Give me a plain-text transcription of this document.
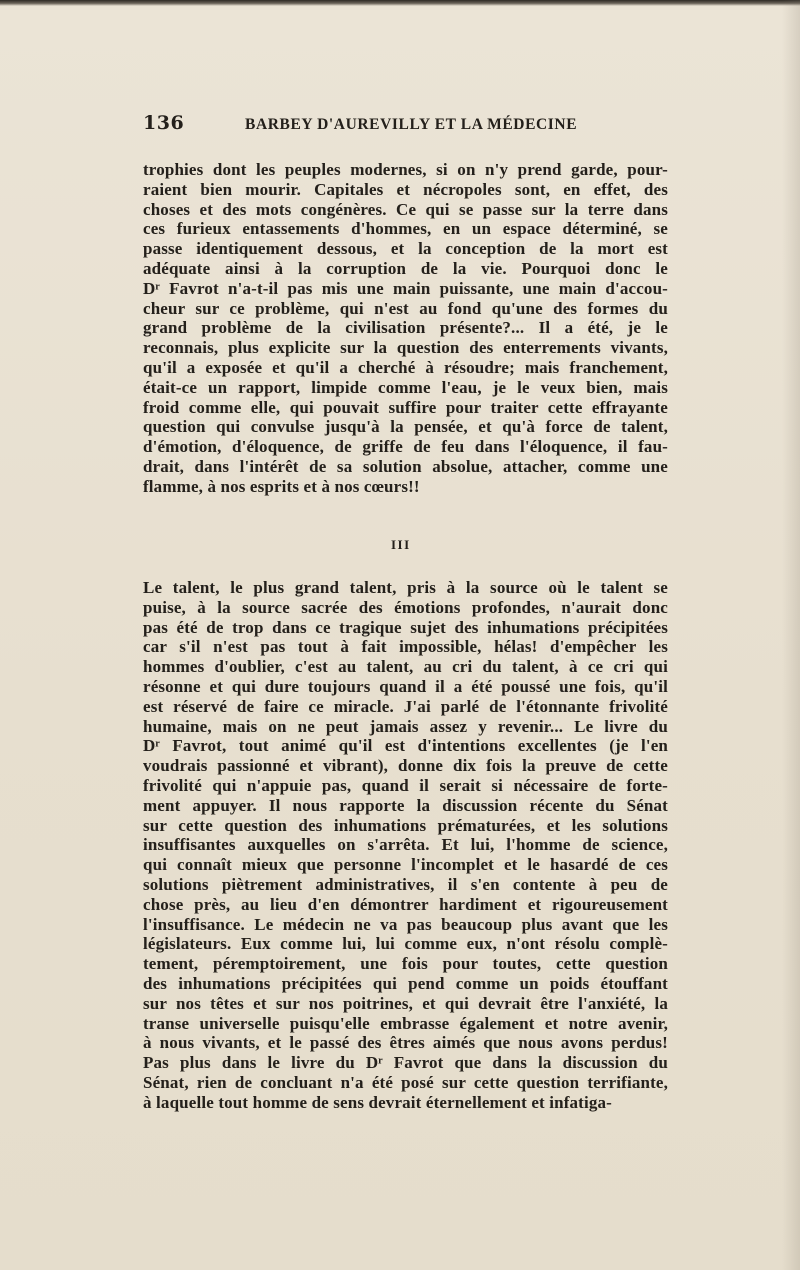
136	BARBEY D'AUREVILLY ET LA MÉDECINE
trophies dont les peuples modernes, si on n'y prend garde, pour-
raient bien mourir. Capitales et nécropoles sont, en effet, des
choses et des mots congénères. Ce qui se passe sur la terre dans
ces furieux entassements d'hommes, en un espace déterminé, se
passe identiquement dessous, et la conception de la mort est
adéquate ainsi à la corruption de la vie. Pourquoi donc le
Dʳ Favrot n'a-t-il pas mis une main puissante, une main d'accou-
cheur sur ce problème, qui n'est au fond qu'une des formes du
grand problème de la civilisation présente?... Il a été, je le
reconnais, plus explicite sur la question des enterrements vivants,
qu'il a exposée et qu'il a cherché à résoudre; mais franchement,
était-ce un rapport, limpide comme l'eau, je le veux bien, mais
froid comme elle, qui pouvait suffire pour traiter cette effrayante
question qui convulse jusqu'à la pensée, et qu'à force de talent,
d'émotion, d'éloquence, de griffe de feu dans l'éloquence, il fau-
drait, dans l'intérêt de sa solution absolue, attacher, comme une
flamme, à nos esprits et à nos cœurs!!
III
Le talent, le plus grand talent, pris à la source où le talent se
puise, à la source sacrée des émotions profondes, n'aurait donc
pas été de trop dans ce tragique sujet des inhumations précipitées
car s'il n'est pas tout à fait impossible, hélas! d'empêcher les
hommes d'oublier, c'est au talent, au cri du talent, à ce cri qui
résonne et qui dure toujours quand il a été poussé une fois, qu'il
est réservé de faire ce miracle. J'ai parlé de l'étonnante frivolité
humaine, mais on ne peut jamais assez y revenir... Le livre du
Dʳ Favrot, tout animé qu'il est d'intentions excellentes (je l'en
voudrais passionné et vibrant), donne dix fois la preuve de cette
frivolité qui n'appuie pas, quand il serait si nécessaire de forte-
ment appuyer. Il nous rapporte la discussion récente du Sénat
sur cette question des inhumations prématurées, et les solutions
insuffisantes auxquelles on s'arrêta. Et lui, l'homme de science,
qui connaît mieux que personne l'incomplet et le hasardé de ces
solutions piètrement administratives, il s'en contente à peu de
chose près, au lieu d'en démontrer hardiment et rigoureusement
l'insuffisance. Le médecin ne va pas beaucoup plus avant que les
législateurs. Eux comme lui, lui comme eux, n'ont résolu complè-
tement, péremptoirement, une fois pour toutes, cette question
des inhumations précipitées qui pend comme un poids étouffant
sur nos têtes et sur nos poitrines, et qui devrait être l'anxiété, la
transe universelle puisqu'elle embrasse également et notre avenir,
à nous vivants, et le passé des êtres aimés que nous avons perdus!
Pas plus dans le livre du Dʳ Favrot que dans la discussion du
Sénat, rien de concluant n'a été posé sur cette question terrifiante,
à laquelle tout homme de sens devrait éternellement et infatiga-
